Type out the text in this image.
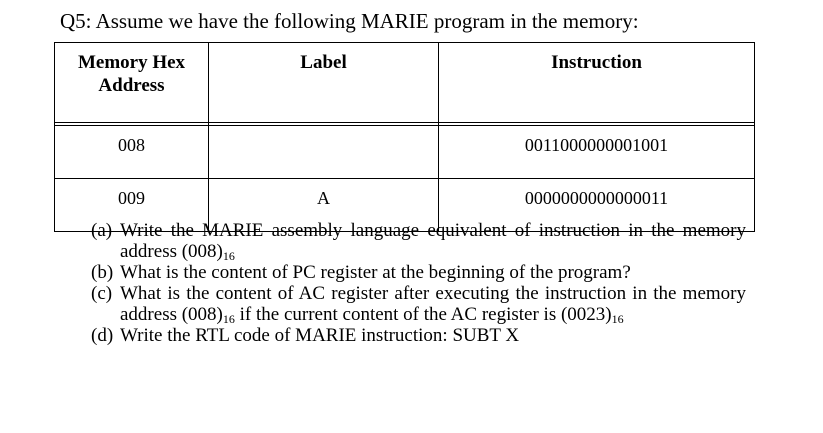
Q5: Assume we have the following MARIE program in the memory:
Memory Hex
Address	Label	Instruction

008		0011000000001001
009	A	0000000000000011
(a) Write the MARIE assembly language equivalent of instruction in the memory address $(008)_{16}$
(b) What is the content of PC register at the beginning of the program?
(c) What is the content of AC register after executing the instruction in the memory address $(008)_{16}$ if the current content of the AC register is $(0023)_{16}$
(d) Write the RTL code of MARIE instruction: SUBT X
